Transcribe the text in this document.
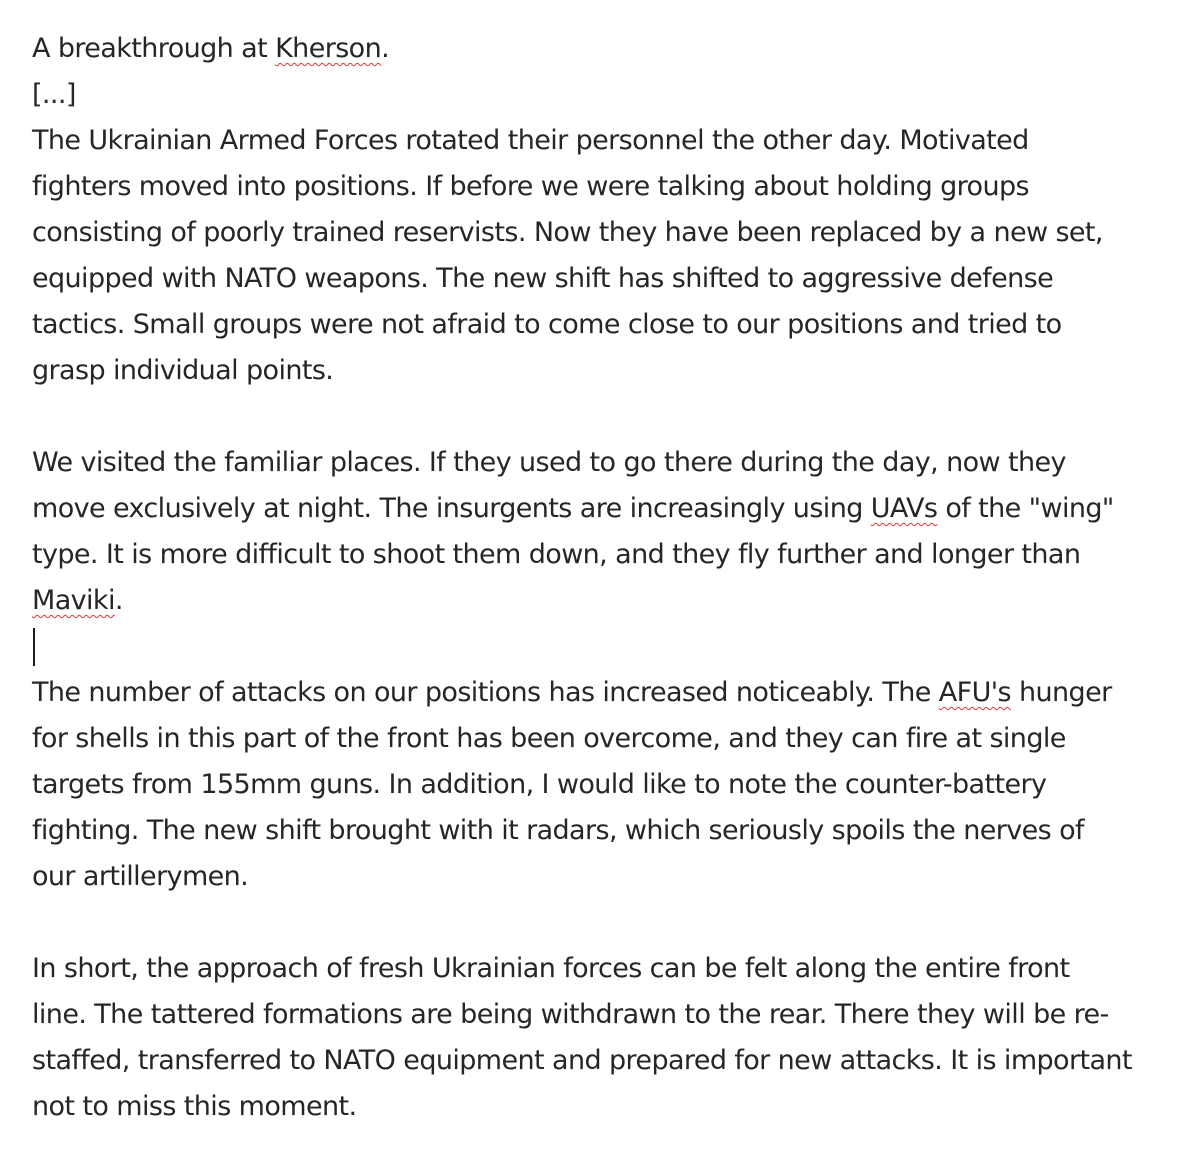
A breakthrough at Kherson.
[...]
The Ukrainian Armed Forces rotated their personnel the other day. Motivated
fighters moved into positions. If before we were talking about holding groups
consisting of poorly trained reservists. Now they have been replaced by a new set,
equipped with NATO weapons. The new shift has shifted to aggressive defense
tactics. Small groups were not afraid to come close to our positions and tried to
grasp individual points.
We visited the familiar places. If they used to go there during the day, now they
move exclusively at night. The insurgents are increasingly using UAVs of the "wing"
type. It is more difficult to shoot them down, and they fly further and longer than
Maviki.
The number of attacks on our positions has increased noticeably. The AFU's hunger
for shells in this part of the front has been overcome, and they can fire at single
targets from 155mm guns. In addition, I would like to note the counter-battery
fighting. The new shift brought with it radars, which seriously spoils the nerves of
our artillerymen.
In short, the approach of fresh Ukrainian forces can be felt along the entire front
line. The tattered formations are being withdrawn to the rear. There they will be re-
staffed, transferred to NATO equipment and prepared for new attacks. It is important
not to miss this moment.
